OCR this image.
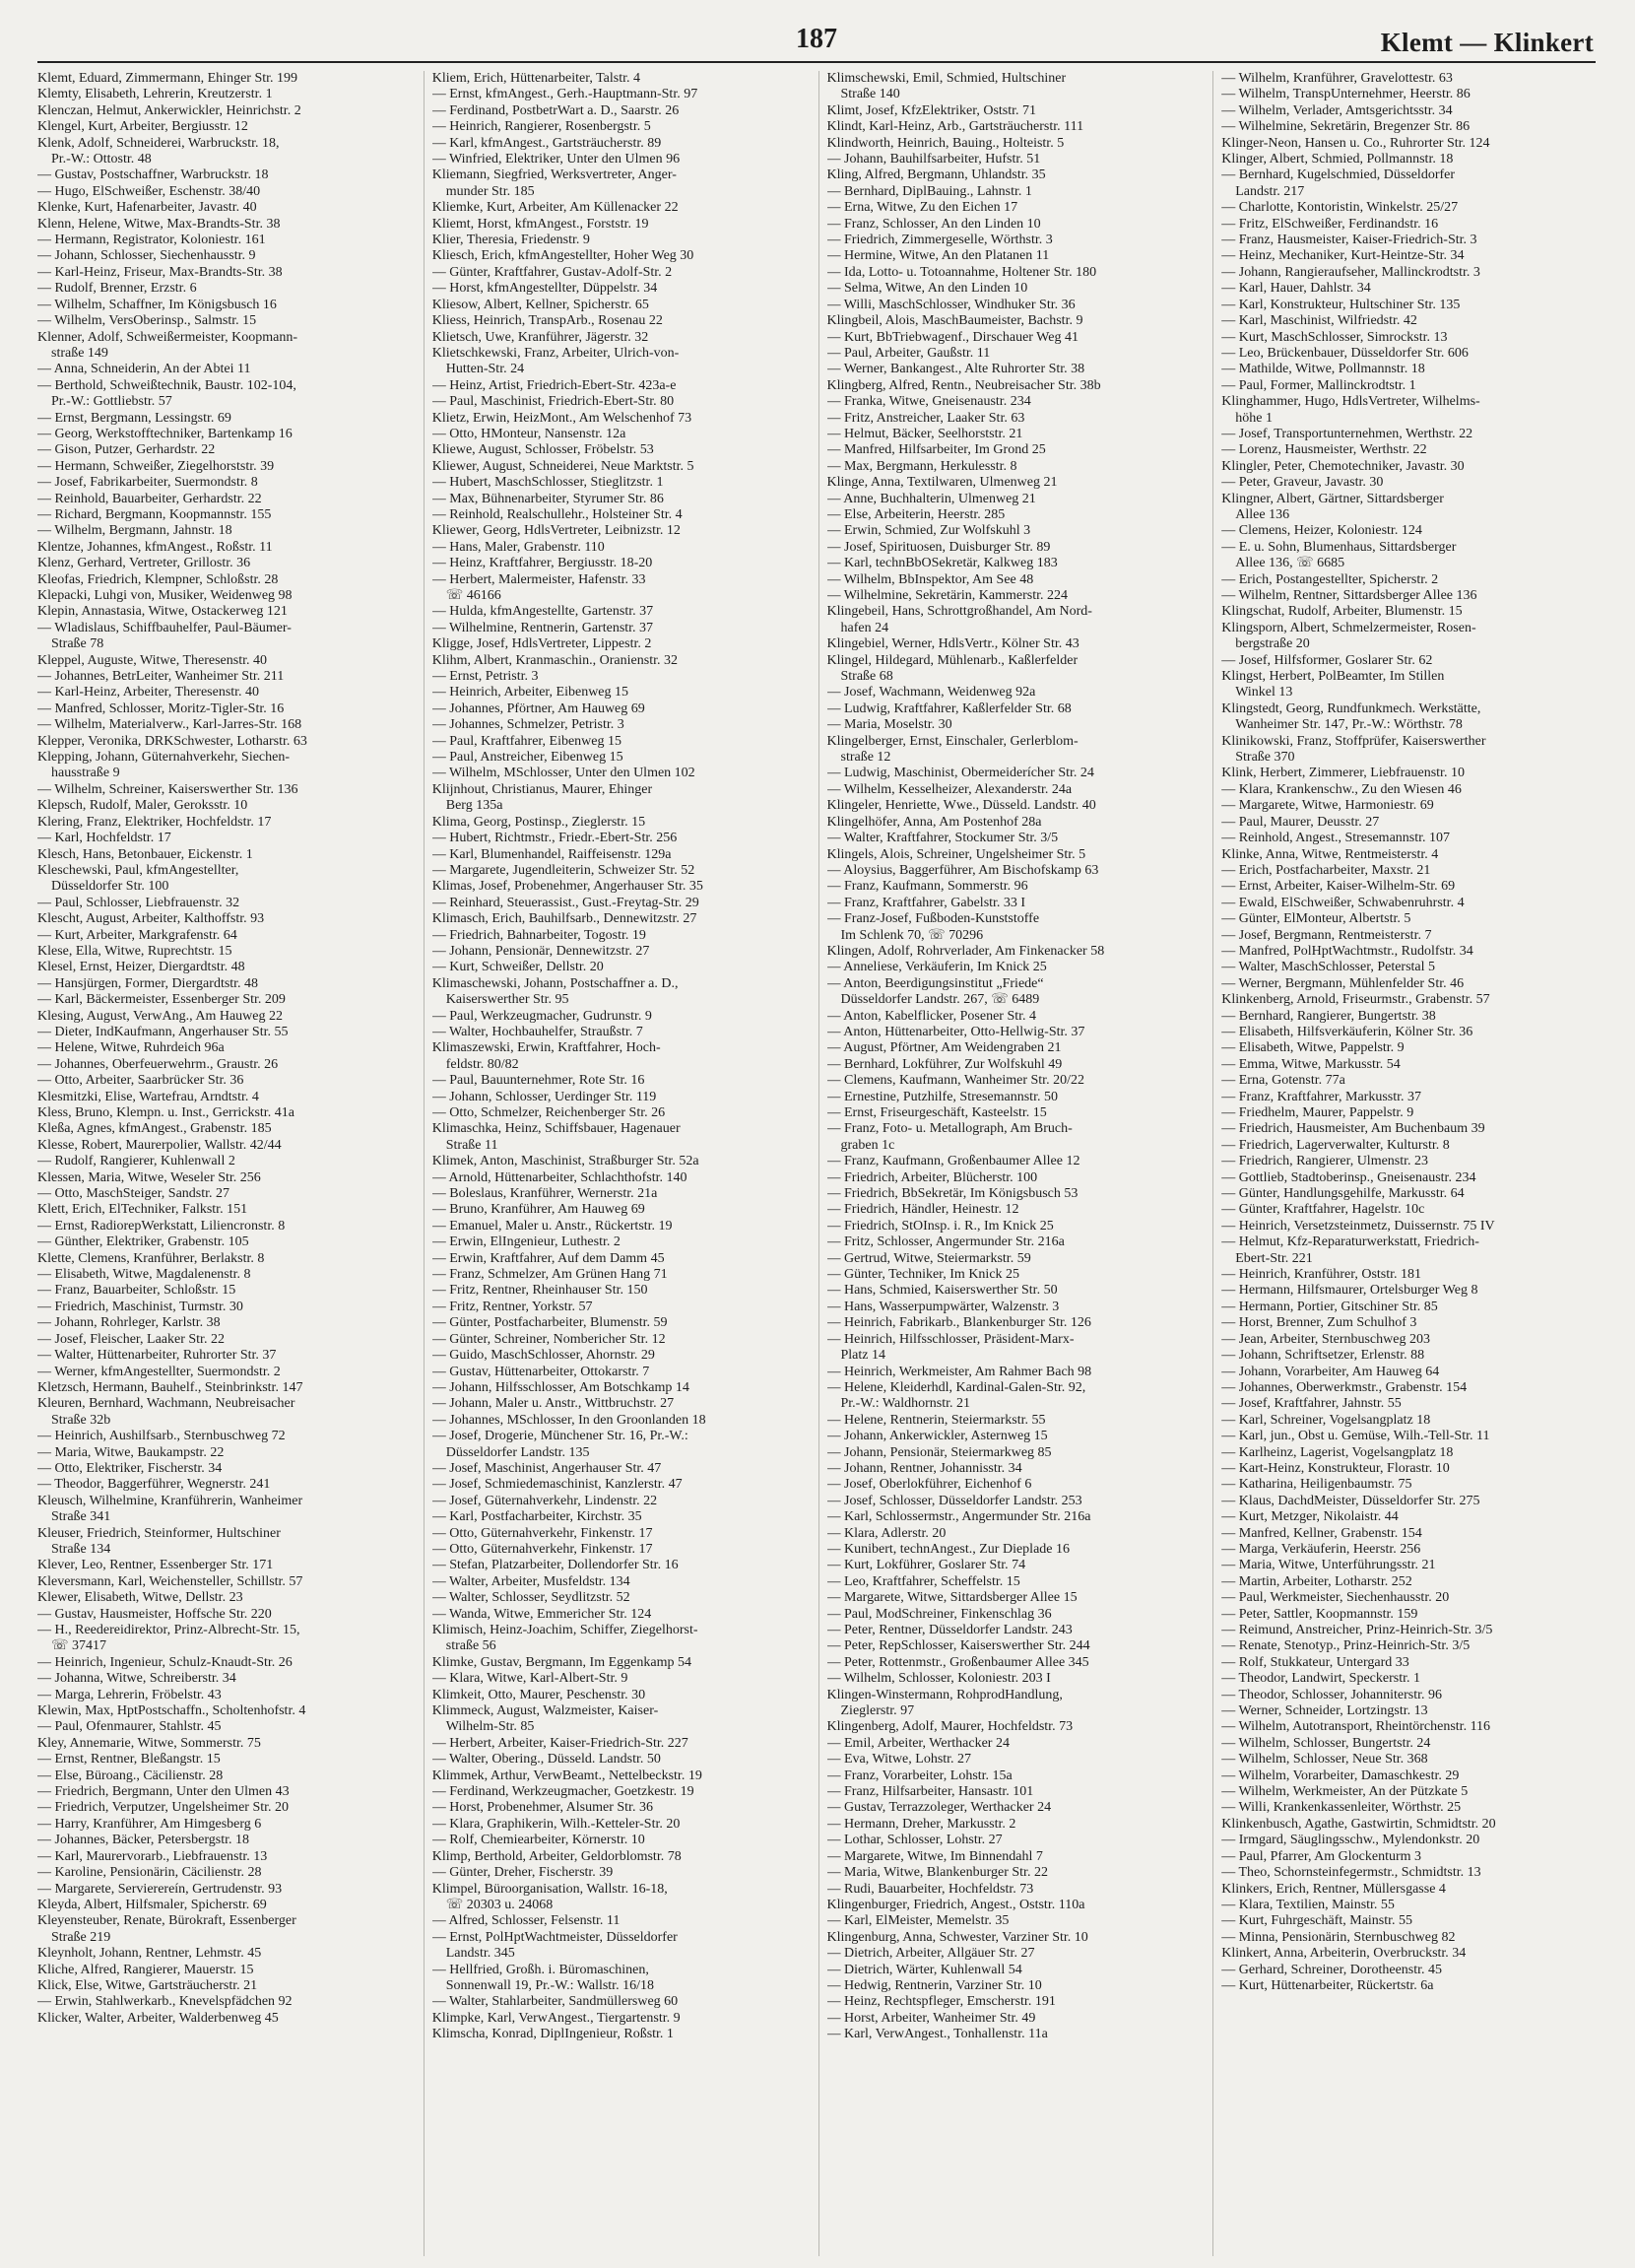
187	Klemt — Klinkert
Klemt, Eduard, Zimmermann, Ehinger Str. 199
Klemty, Elisabeth, Lehrerin, Kreutzerstr. 1
Klenczan, Helmut, Ankerwickler, Heinrichstr. 2
Klengel, Kurt, Arbeiter, Bergiusstr. 12
Klenk, Adolf, Schneiderei, Warbruckstr. 18,
Pr.-W.: Ottostr. 48
— Gustav, Postschaffner, Warbruckstr. 18
— Hugo, ElSchweißer, Eschenstr. 38/40
Klenke, Kurt, Hafenarbeiter, Javastr. 40
Klenn, Helene, Witwe, Max-Brandts-Str. 38
— Hermann, Registrator, Koloniestr. 161
— Johann, Schlosser, Siechenhausstr. 9
— Karl-Heinz, Friseur, Max-Brandts-Str. 38
— Rudolf, Brenner, Erzstr. 6
— Wilhelm, Schaffner, Im Königsbusch 16
— Wilhelm, VersOberinsp., Salmstr. 15
Klenner, Adolf, Schweißermeister, Koopmann-
straße 149
— Anna, Schneiderin, An der Abtei 11
— Berthold, Schweißtechnik, Baustr. 102-104,
Pr.-W.: Gottliebstr. 57
— Ernst, Bergmann, Lessingstr. 69
— Georg, Werkstofftechniker, Bartenkamp 16
— Gison, Putzer, Gerhardstr. 22
— Hermann, Schweißer, Ziegelhorststr. 39
— Josef, Fabrikarbeiter, Suermondstr. 8
— Reinhold, Bauarbeiter, Gerhardstr. 22
— Richard, Bergmann, Koopmannstr. 155
— Wilhelm, Bergmann, Jahnstr. 18
Klentze, Johannes, kfmAngest., Roßstr. 11
Klenz, Gerhard, Vertreter, Grillostr. 36
Kleofas, Friedrich, Klempner, Schloßstr. 28
Klepacki, Luhgi von, Musiker, Weidenweg 98
Klepin, Annastasia, Witwe, Ostackerweg 121
— Wladislaus, Schiffbauhelfer, Paul-Bäumer-
Straße 78
Kleppel, Auguste, Witwe, Theresenstr. 40
— Johannes, BetrLeiter, Wanheimer Str. 211
— Karl-Heinz, Arbeiter, Theresenstr. 40
— Manfred, Schlosser, Moritz-Tigler-Str. 16
— Wilhelm, Materialverw., Karl-Jarres-Str. 168
Klepper, Veronika, DRKSchwester, Lotharstr. 63
Klepping, Johann, Güternahverkehr, Siechen-
hausstraße 9
— Wilhelm, Schreiner, Kaiserswerther Str. 136
Klepsch, Rudolf, Maler, Geroksstr. 10
Klering, Franz, Elektriker, Hochfeldstr. 17
— Karl, Hochfeldstr. 17
Klesch, Hans, Betonbauer, Eickenstr. 1
Kleschewski, Paul, kfmAngestellter,
Düsseldorfer Str. 100
— Paul, Schlosser, Liebfrauenstr. 32
Klescht, August, Arbeiter, Kalthoffstr. 93
— Kurt, Arbeiter, Markgrafenstr. 64
Klese, Ella, Witwe, Ruprechtstr. 15
Klesel, Ernst, Heizer, Diergardtstr. 48
— Hansjürgen, Former, Diergardtstr. 48
— Karl, Bäckermeister, Essenberger Str. 209
Klesing, August, VerwAng., Am Hauweg 22
— Dieter, IndKaufmann, Angerhauser Str. 55
— Helene, Witwe, Ruhrdeich 96a
— Johannes, Oberfeuerwehrm., Graustr. 26
— Otto, Arbeiter, Saarbrücker Str. 36
Klesmitzki, Elise, Wartefrau, Arndtstr. 4
Kless, Bruno, Klempn. u. Inst., Gerrickstr. 41a
Kleßa, Agnes, kfmAngest., Grabenstr. 185
Klesse, Robert, Maurerpolier, Wallstr. 42/44
— Rudolf, Rangierer, Kuhlenwall 2
Klessen, Maria, Witwe, Weseler Str. 256
— Otto, MaschSteiger, Sandstr. 27
Klett, Erich, ElTechniker, Falkstr. 151
— Ernst, RadiorepWerkstatt, Liliencronstr. 8
— Günther, Elektriker, Grabenstr. 105
Klette, Clemens, Kranführer, Berlakstr. 8
— Elisabeth, Witwe, Magdalenenstr. 8
— Franz, Bauarbeiter, Schloßstr. 15
— Friedrich, Maschinist, Turmstr. 30
— Johann, Rohrleger, Karlstr. 38
— Josef, Fleischer, Laaker Str. 22
— Walter, Hüttenarbeiter, Ruhrorter Str. 37
— Werner, kfmAngestellter, Suermondstr. 2
Kletzsch, Hermann, Bauhelf., Steinbrinkstr. 147
Kleuren, Bernhard, Wachmann, Neubreisacher
Straße 32b
— Heinrich, Aushilfsarb., Sternbuschweg 72
— Maria, Witwe, Baukampstr. 22
— Otto, Elektriker, Fischerstr. 34
— Theodor, Baggerführer, Wegnerstr. 241
Kleusch, Wilhelmine, Kranführerin, Wanheimer
Straße 341
Kleuser, Friedrich, Steinformer, Hultschiner
Straße 134
Klever, Leo, Rentner, Essenberger Str. 171
Kleversmann, Karl, Weichensteller, Schillstr. 57
Klewer, Elisabeth, Witwe, Dellstr. 23
— Gustav, Hausmeister, Hoffsche Str. 220
— H., Reedereidirektor, Prinz-Albrecht-Str. 15,
☏ 37417
— Heinrich, Ingenieur, Schulz-Knaudt-Str. 26
— Johanna, Witwe, Schreiberstr. 34
— Marga, Lehrerin, Fröbelstr. 43
Klewin, Max, HptPostschaffn., Scholtenhofstr. 4
— Paul, Ofenmaurer, Stahlstr. 45
Kley, Annemarie, Witwe, Sommerstr. 75
— Ernst, Rentner, Bleßangstr. 15
— Else, Büroang., Cäcilienstr. 28
— Friedrich, Bergmann, Unter den Ulmen 43
— Friedrich, Verputzer, Ungelsheimer Str. 20
— Harry, Kranführer, Am Himgesberg 6
— Johannes, Bäcker, Petersbergstr. 18
— Karl, Maurervorarb., Liebfrauenstr. 13
— Karoline, Pensionärin, Cäcilienstr. 28
— Margarete, Servierereín, Gertrudenstr. 93
Kleyda, Albert, Hilfsmaler, Spicherstr. 69
Kleyensteuber, Renate, Bürokraft, Essenberger
Straße 219
Kleynholt, Johann, Rentner, Lehmstr. 45
Kliche, Alfred, Rangierer, Mauerstr. 15
Klick, Else, Witwe, Gartsträucherstr. 21
— Erwin, Stahlwerkarb., Knevelspfädchen 92
Klicker, Walter, Arbeiter, Walderbenweg 45
Kliem, Erich, Hüttenarbeiter, Talstr. 4
— Ernst, kfmAngest., Gerh.-Hauptmann-Str. 97
— Ferdinand, PostbetrWart a. D., Saarstr. 26
— Heinrich, Rangierer, Rosenbergstr. 5
— Karl, kfmAngest., Gartsträucherstr. 89
— Winfried, Elektriker, Unter den Ulmen 96
Kliemann, Siegfried, Werksvertreter, Anger-
munder Str. 185
Kliemke, Kurt, Arbeiter, Am Küllenacker 22
Kliemt, Horst, kfmAngest., Forststr. 19
Klier, Theresia, Friedenstr. 9
Kliesch, Erich, kfmAngestellter, Hoher Weg 30
— Günter, Kraftfahrer, Gustav-Adolf-Str. 2
— Horst, kfmAngestellter, Düppelstr. 34
Kliesow, Albert, Kellner, Spicherstr. 65
Kliess, Heinrich, TranspArb., Rosenau 22
Klietsch, Uwe, Kranführer, Jägerstr. 32
Klietschkewski, Franz, Arbeiter, Ulrich-von-
Hutten-Str. 24
— Heinz, Artist, Friedrich-Ebert-Str. 423a-e
— Paul, Maschinist, Friedrich-Ebert-Str. 80
Klietz, Erwin, HeizMont., Am Welschenhof 73
— Otto, HMonteur, Nansenstr. 12a
Kliewe, August, Schlosser, Fröbelstr. 53
Kliewer, August, Schneiderei, Neue Marktstr. 5
— Hubert, MaschSchlosser, Stieglitzstr. 1
— Max, Bühnenarbeiter, Styrumer Str. 86
— Reinhold, Realschullehr., Holsteiner Str. 4
Kliewer, Georg, HdlsVertreter, Leibnizstr. 12
— Hans, Maler, Grabenstr. 110
— Heinz, Kraftfahrer, Bergiusstr. 18-20
— Herbert, Malermeister, Hafenstr. 33
☏ 46166
— Hulda, kfmAngestellte, Gartenstr. 37
— Wilhelmine, Rentnerin, Gartenstr. 37
Kligge, Josef, HdlsVertreter, Lippestr. 2
Klihm, Albert, Kranmaschin., Oranienstr. 32
— Ernst, Petristr. 3
— Heinrich, Arbeiter, Eibenweg 15
— Johannes, Pförtner, Am Hauweg 69
— Johannes, Schmelzer, Petristr. 3
— Paul, Kraftfahrer, Eibenweg 15
— Paul, Anstreicher, Eibenweg 15
— Wilhelm, MSchlosser, Unter den Ulmen 102
Klijnhout, Christianus, Maurer, Ehinger
Berg 135a
Klima, Georg, Postinsp., Zieglerstr. 15
— Hubert, Richtmstr., Friedr.-Ebert-Str. 256
— Karl, Blumenhandel, Raiffeisenstr. 129a
— Margarete, Jugendleiterin, Schweizer Str. 52
Klimas, Josef, Probenehmer, Angerhauser Str. 35
— Reinhard, Steuerassist., Gust.-Freytag-Str. 29
Klimasch, Erich, Bauhilfsarb., Dennewitzstr. 27
— Friedrich, Bahnarbeiter, Togostr. 19
— Johann, Pensionär, Dennewitzstr. 27
— Kurt, Schweißer, Dellstr. 20
Klimaschewski, Johann, Postschaffner a. D.,
Kaiserswerther Str. 95
— Paul, Werkzeugmacher, Gudrunstr. 9
— Walter, Hochbauhelfer, Straußstr. 7
Klimaszewski, Erwin, Kraftfahrer, Hoch-
feldstr. 80/82
— Paul, Bauunternehmer, Rote Str. 16
— Johann, Schlosser, Uerdinger Str. 119
— Otto, Schmelzer, Reichenberger Str. 26
Klimaschka, Heinz, Schiffsbauer, Hagenauer
Straße 11
Klimek, Anton, Maschinist, Straßburger Str. 52a
— Arnold, Hüttenarbeiter, Schlachthofstr. 140
— Boleslaus, Kranführer, Wernerstr. 21a
— Bruno, Kranführer, Am Hauweg 69
— Emanuel, Maler u. Anstr., Rückertstr. 19
— Erwin, ElIngenieur, Luthestr. 2
— Erwin, Kraftfahrer, Auf dem Damm 45
— Franz, Schmelzer, Am Grünen Hang 71
— Fritz, Rentner, Rheinhauser Str. 150
— Fritz, Rentner, Yorkstr. 57
— Günter, Postfacharbeiter, Blumenstr. 59
— Günter, Schreiner, Nombericher Str. 12
— Guido, MaschSchlosser, Ahornstr. 29
— Gustav, Hüttenarbeiter, Ottokarstr. 7
— Johann, Hilfsschlosser, Am Botschkamp 14
— Johann, Maler u. Anstr., Wittbruchstr. 27
— Johannes, MSchlosser, In den Groonlanden 18
— Josef, Drogerie, Münchener Str. 16, Pr.-W.:
Düsseldorfer Landstr. 135
— Josef, Maschinist, Angerhauser Str. 47
— Josef, Schmiedemaschinist, Kanzlerstr. 47
— Josef, Güternahverkehr, Lindenstr. 22
— Karl, Postfacharbeiter, Kirchstr. 35
— Otto, Güternahverkehr, Finkenstr. 17
— Otto, Güternahverkehr, Finkenstr. 17
— Stefan, Platzarbeiter, Dollendorfer Str. 16
— Walter, Arbeiter, Musfeldstr. 134
— Walter, Schlosser, Seydlitzstr. 52
— Wanda, Witwe, Emmericher Str. 124
Klimisch, Heinz-Joachim, Schiffer, Ziegelhorst-
straße 56
Klimke, Gustav, Bergmann, Im Eggenkamp 54
— Klara, Witwe, Karl-Albert-Str. 9
Klimkeit, Otto, Maurer, Peschenstr. 30
Klimmeck, August, Walzmeister, Kaiser-
Wilhelm-Str. 85
— Herbert, Arbeiter, Kaiser-Friedrich-Str. 227
— Walter, Obering., Düsseld. Landstr. 50
Klimmek, Arthur, VerwBeamt., Nettelbeckstr. 19
— Ferdinand, Werkzeugmacher, Goetzkestr. 19
— Horst, Probenehmer, Alsumer Str. 36
— Klara, Graphikerin, Wilh.-Ketteler-Str. 20
— Rolf, Chemiearbeiter, Körnerstr. 10
Klimp, Berthold, Arbeiter, Geldorblomstr. 78
— Günter, Dreher, Fischerstr. 39
Klimpel, Büroorganisation, Wallstr. 16-18,
☏ 20303 u. 24068
— Alfred, Schlosser, Felsenstr. 11
— Ernst, PolHptWachtmeister, Düsseldorfer
Landstr. 345
— Hellfried, Großh. i. Büromaschinen,
Sonnenwall 19, Pr.-W.: Wallstr. 16/18
— Walter, Stahlarbeiter, Sandmüllersweg 60
Klimpke, Karl, VerwAngest., Tiergartenstr. 9
Klimscha, Konrad, DiplIngenieur, Roßstr. 1
Klimschewski, Emil, Schmied, Hultschiner
Straße 140
Klimt, Josef, KfzElektriker, Oststr. 71
Klindt, Karl-Heinz, Arb., Gartsträucherstr. 111
Klindworth, Heinrich, Bauing., Holteistr. 5
— Johann, Bauhilfsarbeiter, Hufstr. 51
Kling, Alfred, Bergmann, Uhlandstr. 35
— Bernhard, DiplBauing., Lahnstr. 1
— Erna, Witwe, Zu den Eichen 17
— Franz, Schlosser, An den Linden 10
— Friedrich, Zimmergeselle, Wörthstr. 3
— Hermine, Witwe, An den Platanen 11
— Ida, Lotto- u. Totoannahme, Holtener Str. 180
— Selma, Witwe, An den Linden 10
— Willi, MaschSchlosser, Windhuker Str. 36
Klingbeil, Alois, MaschBaumeister, Bachstr. 9
— Kurt, BbTriebwagenf., Dirschauer Weg 41
— Paul, Arbeiter, Gaußstr. 11
— Werner, Bankangest., Alte Ruhrorter Str. 38
Klingberg, Alfred, Rentn., Neubreisacher Str. 38b
— Franka, Witwe, Gneisenaustr. 234
— Fritz, Anstreicher, Laaker Str. 63
— Helmut, Bäcker, Seelhorststr. 21
— Manfred, Hilfsarbeiter, Im Grond 25
— Max, Bergmann, Herkulesstr. 8
Klinge, Anna, Textilwaren, Ulmenweg 21
— Anne, Buchhalterin, Ulmenweg 21
— Else, Arbeiterin, Heerstr. 285
— Erwin, Schmied, Zur Wolfskuhl 3
— Josef, Spirituosen, Duisburger Str. 89
— Karl, technBbOSekretär, Kalkweg 183
— Wilhelm, BbInspektor, Am See 48
— Wilhelmine, Sekretärin, Kammerstr. 224
Klingebeil, Hans, Schrottgroßhandel, Am Nord-
hafen 24
Klingebiel, Werner, HdlsVertr., Kölner Str. 43
Klingel, Hildegard, Mühlenarb., Kaßlerfelder
Straße 68
— Josef, Wachmann, Weidenweg 92a
— Ludwig, Kraftfahrer, Kaßlerfelder Str. 68
— Maria, Moselstr. 30
Klingelberger, Ernst, Einschaler, Gerlerblom-
straße 12
— Ludwig, Maschinist, Obermeiderícher Str. 24
— Wilhelm, Kesselheizer, Alexanderstr. 24a
Klingeler, Henriette, Wwe., Düsseld. Landstr. 40
Klingelhöfer, Anna, Am Postenhof 28a
— Walter, Kraftfahrer, Stockumer Str. 3/5
Klingels, Alois, Schreiner, Ungelsheimer Str. 5
— Aloysius, Baggerführer, Am Bischofskamp 63
— Franz, Kaufmann, Sommerstr. 96
— Franz, Kraftfahrer, Gabelstr. 33 I
— Franz-Josef, Fußboden-Kunststoffe
Im Schlenk 70, ☏ 70296
Klingen, Adolf, Rohrverlader, Am Finkenacker 58
— Anneliese, Verkäuferin, Im Knick 25
— Anton, Beerdigungsinstitut „Friede“
Düsseldorfer Landstr. 267, ☏ 6489
— Anton, Kabelflicker, Posener Str. 4
— Anton, Hüttenarbeiter, Otto-Hellwig-Str. 37
— August, Pförtner, Am Weidengraben 21
— Bernhard, Lokführer, Zur Wolfskuhl 49
— Clemens, Kaufmann, Wanheimer Str. 20/22
— Ernestine, Putzhilfe, Stresemannstr. 50
— Ernst, Friseurgeschäft, Kasteelstr. 15
— Franz, Foto- u. Metallograph, Am Bruch-
graben 1c
— Franz, Kaufmann, Großenbaumer Allee 12
— Friedrich, Arbeiter, Blücherstr. 100
— Friedrich, BbSekretär, Im Königsbusch 53
— Friedrich, Händler, Heinestr. 12
— Friedrich, StOInsp. i. R., Im Knick 25
— Fritz, Schlosser, Angermunder Str. 216a
— Gertrud, Witwe, Steiermarkstr. 59
— Günter, Techniker, Im Knick 25
— Hans, Schmied, Kaiserswerther Str. 50
— Hans, Wasserpumpwärter, Walzenstr. 3
— Heinrich, Fabrikarb., Blankenburger Str. 126
— Heinrich, Hilfsschlosser, Präsident-Marx-
Platz 14
— Heinrich, Werkmeister, Am Rahmer Bach 98
— Helene, Kleiderhdl, Kardinal-Galen-Str. 92,
Pr.-W.: Waldhornstr. 21
— Helene, Rentnerin, Steiermarkstr. 55
— Johann, Ankerwickler, Asternweg 15
— Johann, Pensionär, Steiermarkweg 85
— Johann, Rentner, Johannisstr. 34
— Josef, Oberlokführer, Eichenhof 6
— Josef, Schlosser, Düsseldorfer Landstr. 253
— Karl, Schlossermstr., Angermunder Str. 216a
— Klara, Adlerstr. 20
— Kunibert, technAngest., Zur Dieplade 16
— Kurt, Lokführer, Goslarer Str. 74
— Leo, Kraftfahrer, Scheffelstr. 15
— Margarete, Witwe, Sittardsberger Allee 15
— Paul, ModSchreiner, Finkenschlag 36
— Peter, Rentner, Düsseldorfer Landstr. 243
— Peter, RepSchlosser, Kaiserswerther Str. 244
— Peter, Rottenmstr., Großenbaumer Allee 345
— Wilhelm, Schlosser, Koloniestr. 203 I
Klingen-Winstermann, RohprodHandlung,
Zieglerstr. 97
Klingenberg, Adolf, Maurer, Hochfeldstr. 73
— Emil, Arbeiter, Werthacker 24
— Eva, Witwe, Lohstr. 27
— Franz, Vorarbeiter, Lohstr. 15a
— Franz, Hilfsarbeiter, Hansastr. 101
— Gustav, Terrazzoleger, Werthacker 24
— Hermann, Dreher, Markusstr. 2
— Lothar, Schlosser, Lohstr. 27
— Margarete, Witwe, Im Binnendahl 7
— Maria, Witwe, Blankenburger Str. 22
— Rudi, Bauarbeiter, Hochfeldstr. 73
Klingenburger, Friedrich, Angest., Oststr. 110a
— Karl, ElMeister, Memelstr. 35
Klingenburg, Anna, Schwester, Varziner Str. 10
— Dietrich, Arbeiter, Allgäuer Str. 27
— Dietrich, Wärter, Kuhlenwall 54
— Hedwig, Rentnerin, Varziner Str. 10
— Heinz, Rechtspfleger, Emscherstr. 191
— Horst, Arbeiter, Wanheimer Str. 49
— Karl, VerwAngest., Tonhallenstr. 11a
— Wilhelm, Kranführer, Gravelottestr. 63
— Wilhelm, TranspUnternehmer, Heerstr. 86
— Wilhelm, Verlader, Amtsgerichtsstr. 34
— Wilhelmine, Sekretärin, Bregenzer Str. 86
Klinger-Neon, Hansen u. Co., Ruhrorter Str. 124
Klinger, Albert, Schmied, Pollmannstr. 18
— Bernhard, Kugelschmied, Düsseldorfer
Landstr. 217
— Charlotte, Kontoristin, Winkelstr. 25/27
— Fritz, ElSchweißer, Ferdinandstr. 16
— Franz, Hausmeister, Kaiser-Friedrich-Str. 3
— Heinz, Mechaniker, Kurt-Heintze-Str. 34
— Johann, Rangieraufseher, Mallinckrodtstr. 3
— Karl, Hauer, Dahlstr. 34
— Karl, Konstrukteur, Hultschiner Str. 135
— Karl, Maschinist, Wilfriedstr. 42
— Kurt, MaschSchlosser, Simrockstr. 13
— Leo, Brückenbauer, Düsseldorfer Str. 606
— Mathilde, Witwe, Pollmannstr. 18
— Paul, Former, Mallinckrodtstr. 1
Klinghammer, Hugo, HdlsVertreter, Wilhelms-
höhe 1
— Josef, Transportunternehmen, Werthstr. 22
— Lorenz, Hausmeister, Werthstr. 22
Klingler, Peter, Chemotechniker, Javastr. 30
— Peter, Graveur, Javastr. 30
Klingner, Albert, Gärtner, Sittardsberger
Allee 136
— Clemens, Heizer, Koloniestr. 124
— E. u. Sohn, Blumenhaus, Sittardsberger
Allee 136, ☏ 6685
— Erich, Postangestellter, Spicherstr. 2
— Wilhelm, Rentner, Sittardsberger Allee 136
Klingschat, Rudolf, Arbeiter, Blumenstr. 15
Klingsporn, Albert, Schmelzermeister, Rosen-
bergstraße 20
— Josef, Hilfsformer, Goslarer Str. 62
Klingst, Herbert, PolBeamter, Im Stillen
Winkel 13
Klingstedt, Georg, Rundfunkmech. Werkstätte,
Wanheimer Str. 147, Pr.-W.: Wörthstr. 78
Klinikowski, Franz, Stoffprüfer, Kaiserswerther
Straße 370
Klink, Herbert, Zimmerer, Liebfrauenstr. 10
— Klara, Krankenschw., Zu den Wiesen 46
— Margarete, Witwe, Harmoniestr. 69
— Paul, Maurer, Deusstr. 27
— Reinhold, Angest., Stresemannstr. 107
Klinke, Anna, Witwe, Rentmeisterstr. 4
— Erich, Postfacharbeiter, Maxstr. 21
— Ernst, Arbeiter, Kaiser-Wilhelm-Str. 69
— Ewald, ElSchweißer, Schwabenruhrstr. 4
— Günter, ElMonteur, Albertstr. 5
— Josef, Bergmann, Rentmeisterstr. 7
— Manfred, PolHptWachtmstr., Rudolfstr. 34
— Walter, MaschSchlosser, Peterstal 5
— Werner, Bergmann, Mühlenfelder Str. 46
Klinkenberg, Arnold, Friseurmstr., Grabenstr. 57
— Bernhard, Rangierer, Bungertstr. 38
— Elisabeth, Hilfsverkäuferin, Kölner Str. 36
— Elisabeth, Witwe, Pappelstr. 9
— Emma, Witwe, Markusstr. 54
— Erna, Gotenstr. 77a
— Franz, Kraftfahrer, Markusstr. 37
— Friedhelm, Maurer, Pappelstr. 9
— Friedrich, Hausmeister, Am Buchenbaum 39
— Friedrich, Lagerverwalter, Kulturstr. 8
— Friedrich, Rangierer, Ulmenstr. 23
— Gottlieb, Stadtoberinsp., Gneisenaustr. 234
— Günter, Handlungsgehilfe, Markusstr. 64
— Günter, Kraftfahrer, Hagelstr. 10c
— Heinrich, Versetzsteinmetz, Duissernstr. 75 IV
— Helmut, Kfz-Reparaturwerkstatt, Friedrich-
Ebert-Str. 221
— Heinrich, Kranführer, Oststr. 181
— Hermann, Hilfsmaurer, Ortelsburger Weg 8
— Hermann, Portier, Gitschiner Str. 85
— Horst, Brenner, Zum Schulhof 3
— Jean, Arbeiter, Sternbuschweg 203
— Johann, Schriftsetzer, Erlenstr. 88
— Johann, Vorarbeiter, Am Hauweg 64
— Johannes, Oberwerkmstr., Grabenstr. 154
— Josef, Kraftfahrer, Jahnstr. 55
— Karl, Schreiner, Vogelsangplatz 18
— Karl, jun., Obst u. Gemüse, Wilh.-Tell-Str. 11
— Karlheinz, Lagerist, Vogelsangplatz 18
— Kart-Heinz, Konstrukteur, Florastr. 10
— Katharina, Heiligenbaumstr. 75
— Klaus, DachdMeister, Düsseldorfer Str. 275
— Kurt, Metzger, Nikolaistr. 44
— Manfred, Kellner, Grabenstr. 154
— Marga, Verkäuferin, Heerstr. 256
— Maria, Witwe, Unterführungsstr. 21
— Martin, Arbeiter, Lotharstr. 252
— Paul, Werkmeister, Siechenhausstr. 20
— Peter, Sattler, Koopmannstr. 159
— Reimund, Anstreicher, Prinz-Heinrich-Str. 3/5
— Renate, Stenotyp., Prinz-Heinrich-Str. 3/5
— Rolf, Stukkateur, Untergard 33
— Theodor, Landwirt, Speckerstr. 1
— Theodor, Schlosser, Johanniterstr. 96
— Werner, Schneider, Lortzingstr. 13
— Wilhelm, Autotransport, Rheintörchenstr. 116
— Wilhelm, Schlosser, Bungertstr. 24
— Wilhelm, Schlosser, Neue Str. 368
— Wilhelm, Vorarbeiter, Damaschkestr. 29
— Wilhelm, Werkmeister, An der Pützkate 5
— Willi, Krankenkassenleiter, Wörthstr. 25
Klinkenbusch, Agathe, Gastwirtin, Schmidtstr. 20
— Irmgard, Säuglingsschw., Mylendonkstr. 20
— Paul, Pfarrer, Am Glockenturm 3
— Theo, Schornsteinfegermstr., Schmidtstr. 13
Klinkers, Erich, Rentner, Müllersgasse 4
— Klara, Textilien, Mainstr. 55
— Kurt, Fuhrgeschäft, Mainstr. 55
— Minna, Pensionärin, Sternbuschweg 82
Klinkert, Anna, Arbeiterin, Overbruckstr. 34
— Gerhard, Schreiner, Dorotheenstr. 45
— Kurt, Hüttenarbeiter, Rückertstr. 6a
